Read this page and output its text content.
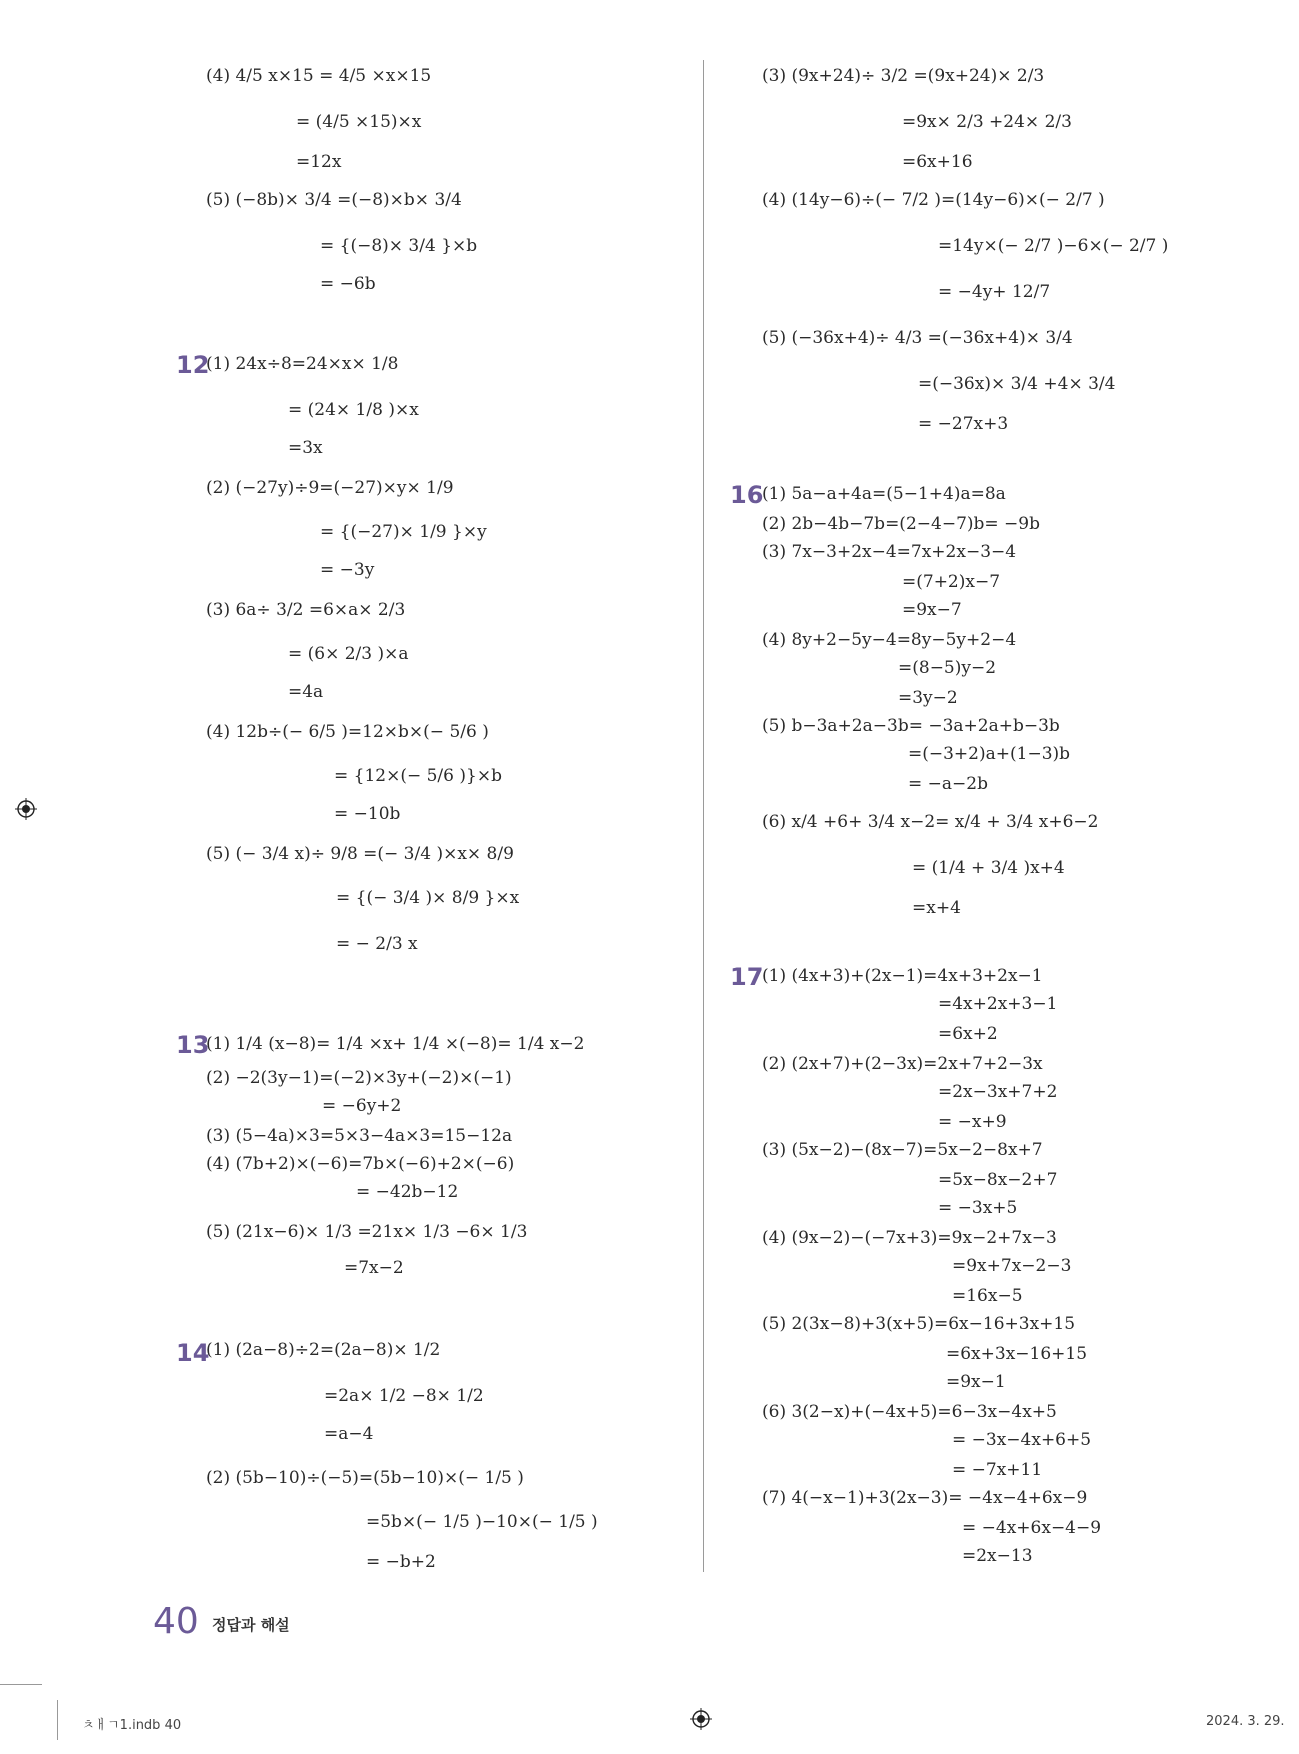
12
13
14
16
17
(4) 4/5 x×15 = 4/5 ×x×15
= (4/5 ×15)×x
=12x
(5) (−8b)× 3/4 =(−8)×b× 3/4
= {(−8)× 3/4 }×b
= −6b
(1) 24x÷8=24×x× 1/8
= (24× 1/8 )×x
=3x
(2) (−27y)÷9=(−27)×y× 1/9
= {(−27)× 1/9 }×y
= −3y
(3) 6a÷ 3/2 =6×a× 2/3
= (6× 2/3 )×a
=4a
(4) 12b÷(− 6/5 )=12×b×(− 5/6 )
= {12×(− 5/6 )}×b
= −10b
(5) (− 3/4 x)÷ 9/8 =(− 3/4 )×x× 8/9
= {(− 3/4 )× 8/9 }×x
= − 2/3 x
(1) 1/4 (x−8)= 1/4 ×x+ 1/4 ×(−8)= 1/4 x−2
(2) −2(3y−1)=(−2)×3y+(−2)×(−1)
= −6y+2
(3) (5−4a)×3=5×3−4a×3=15−12a
(4) (7b+2)×(−6)=7b×(−6)+2×(−6)
= −42b−12
(5) (21x−6)× 1/3 =21x× 1/3 −6× 1/3
=7x−2
(1) (2a−8)÷2=(2a−8)× 1/2
=2a× 1/2 −8× 1/2
=a−4
(2) (5b−10)÷(−5)=(5b−10)×(− 1/5 )
=5b×(− 1/5 )−10×(− 1/5 )
= −b+2
(3) (9x+24)÷ 3/2 =(9x+24)× 2/3
=9x× 2/3 +24× 2/3
=6x+16
(4) (14y−6)÷(− 7/2 )=(14y−6)×(− 2/7 )
=14y×(− 2/7 )−6×(− 2/7 )
= −4y+ 12/7
(5) (−36x+4)÷ 4/3 =(−36x+4)× 3/4
=(−36x)× 3/4 +4× 3/4
= −27x+3
(1) 5a−a+4a=(5−1+4)a=8a
(2) 2b−4b−7b=(2−4−7)b= −9b
(3) 7x−3+2x−4=7x+2x−3−4
=(7+2)x−7
=9x−7
(4) 8y+2−5y−4=8y−5y+2−4
=(8−5)y−2
=3y−2
(5) b−3a+2a−3b= −3a+2a+b−3b
=(−3+2)a+(1−3)b
= −a−2b
(6) x/4 +6+ 3/4 x−2= x/4 + 3/4 x+6−2
= (1/4 + 3/4 )x+4
=x+4
(1) (4x+3)+(2x−1)=4x+3+2x−1
=4x+2x+3−1
=6x+2
(2) (2x+7)+(2−3x)=2x+7+2−3x
=2x−3x+7+2
= −x+9
(3) (5x−2)−(8x−7)=5x−2−8x+7
=5x−8x−2+7
= −3x+5
(4) (9x−2)−(−7x+3)=9x−2+7x−3
=9x+7x−2−3
=16x−5
(5) 2(3x−8)+3(x+5)=6x−16+3x+15
=6x+3x−16+15
=9x−1
(6) 3(2−x)+(−4x+5)=6−3x−4x+5
= −3x−4x+6+5
= −7x+11
(7) 4(−x−1)+3(2x−3)= −4x−4+6x−9
= −4x+6x−4−9
=2x−13
40 정답과 해설
ㅊㅐㄱ1.indb 40	2024. 3. 29.
